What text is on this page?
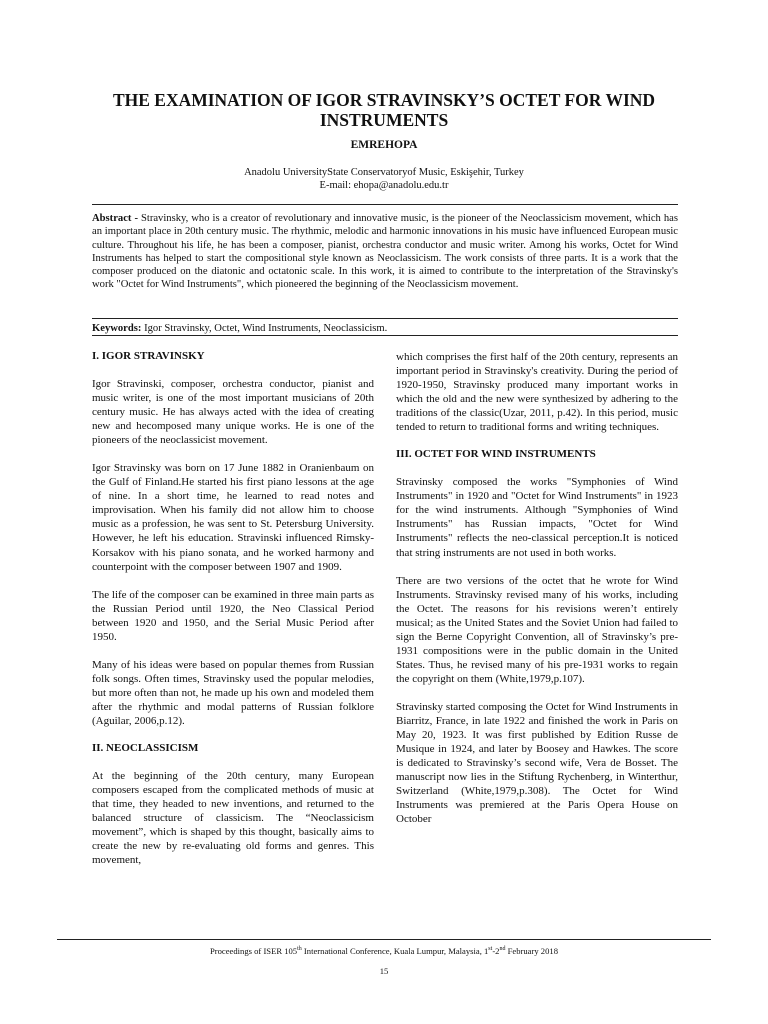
THE EXAMINATION OF IGOR STRAVINSKY’S OCTET FOR WIND INSTRUMENTS
EMREHOPA
Anadolu UniversityState Conservatoryof Music, Eskişehir, Turkey
E-mail: ehopa@anadolu.edu.tr

Abstract - Stravinsky, who is a creator of revolutionary and innovative music, is the pioneer of the Neoclassicism movement, which has an important place in 20th century music. The rhythmic, melodic and harmonic innovations in his music have influenced European music culture. Throughout his life, he has been a composer, pianist, orchestra conductor and music writer. Among his works, Octet for Wind Instruments has helped to start the compositional style known as Neoclassicism. The work consists of three parts. It is a work that the composer produced on the diatonic and octatonic scale. In this work, it is aimed to contribute to the interpretation of the Stravinsky's work "Octet for Wind Instruments", which pioneered the beginning of the Neoclassicism movement.

Keywords: Igor Stravinsky, Octet, Wind Instruments, Neoclassicism.

I. IGOR STRAVINSKY

Igor Stravinski, composer, orchestra conductor, pianist and music writer, is one of the most important musicians of 20th century music. He has always acted with the idea of creating new and hecomposed many unique works. He is one of the pioneers of the neoclassicist movement.

Igor Stravinsky was born on 17 June 1882 in Oranienbaum on the Gulf of Finland.He started his first piano lessons at the age of nine. In a short time, he learned to read notes and improvisation. When his family did not allow him to choose music as a profession, he was sent to St. Petersburg University. However, he left his education. Stravinski influenced Rimsky-Korsakov with his piano sonata, and he worked harmony and counterpoint with the composer between 1907 and 1909.

The life of the composer can be examined in three main parts as the Russian Period until 1920, the Neo Classical Period between 1920 and 1950, and the Serial Music Period after 1950.

Many of his ideas were based on popular themes from Russian folk songs. Often times, Stravinsky used the popular melodies, but more often than not, he made up his own and modeled them after the rhythmic and modal patterns of Russian folklore (Aguilar, 2006,p.12).

II. NEOCLASSICISM

At the beginning of the 20th century, many European composers escaped from the complicated methods of music at that time, they headed to new inventions, and returned to the balanced structure of classicism. The “Neoclassicism movement”, which is shaped by this thought, basically aims to create the new by re-evaluating old forms and genres. This movement,

which comprises the first half of the 20th century, represents an important period in Stravinsky's creativity. During the period of 1920-1950, Stravinsky produced many important works in which the old and the new were synthesized by adhering to the traditions of the classic(Uzar, 2011, p.42). In this period, music tended to return to traditional forms and writing techniques.

III. OCTET FOR WIND INSTRUMENTS

Stravinsky composed the works "Symphonies of Wind Instruments" in 1920 and "Octet for Wind Instruments" in 1923 for the wind instruments. Although "Symphonies of Wind Instruments" has Russian impacts, "Octet for Wind Instruments" reflects the neo-classical perception.It is noticed that string instruments are not used in both works.

There are two versions of the octet that he wrote for Wind Instruments. Stravinsky revised many of his works, including the Octet. The reasons for his revisions weren’t entirely musical; as the United States and the Soviet Union had failed to sign the Berne Copyright Convention, all of Stravinsky’s pre-1931 compositions were in the public domain in the United States. Thus, he revised many of his pre-1931 works to regain the copyright on them (White,1979,p.107).

Stravinsky started composing the Octet for Wind Instruments in Biarritz, France, in late 1922 and finished the work in Paris on May 20, 1923. It was first published by Edition Russe de Musique in 1924, and later by Boosey and Hawkes. The score is dedicated to Stravinsky’s second wife, Vera de Bosset. The manuscript now lies in the Stiftung Rychenberg, in Winterthur, Switzerland (White,1979,p.308). The Octet for Wind Instruments was premiered at the Paris Opera House on October

Proceedings of ISER 105th International Conference, Kuala Lumpur, Malaysia, 1st-2nd February 2018
15
